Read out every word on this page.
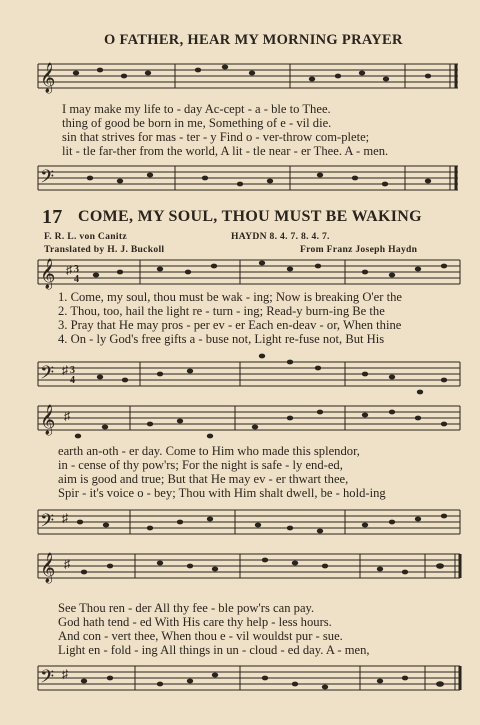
O FATHER, HEAR MY MORNING PRAYER
𝄞
I may make my life to - day Ac-cept - a - ble to Thee.
thing of good be born in me, Something of e - vil die.
sin that strives for mas - ter - y Find o - ver-throw com-plete;
lit - tle far-ther from the world, A lit - tle near - er Thee. A - men.
𝄢
17 COME, MY SOUL, THOU MUST BE WAKING
F. R. L. von Canitz	HAYDN 8. 4. 7. 8. 4. 7.
Translated by H. J. Buckoll	From Franz Joseph Haydn
𝄞 ♯ 3
4
1. Come, my soul, thou must be wak - ing; Now is breaking O'er the
2. Thou, too, hail the light re - turn - ing; Read-y burn-ing Be the
3. Pray that He may pros - per ev - er Each en-deav - or, When thine
4. On - ly God's free gifts a - buse not, Light re-fuse not, But His
𝄢 ♯ 3
4
𝄞 ♯
earth an-oth - er day. Come to Him who made this splendor,
in - cense of thy pow'rs; For the night is safe - ly end-ed,
aim is good and true; But that He may ev - er thwart thee,
Spir - it's voice o - bey; Thou with Him shalt dwell, be - hold-ing
𝄢 ♯
𝄞 ♯
See Thou ren - der All thy fee - ble pow'rs can pay.
God hath tend - ed With His care thy help - less hours.
And con - vert thee, When thou e - vil wouldst pur - sue.
Light en - fold - ing All things in un - cloud - ed day. A - men,
𝄢 ♯
